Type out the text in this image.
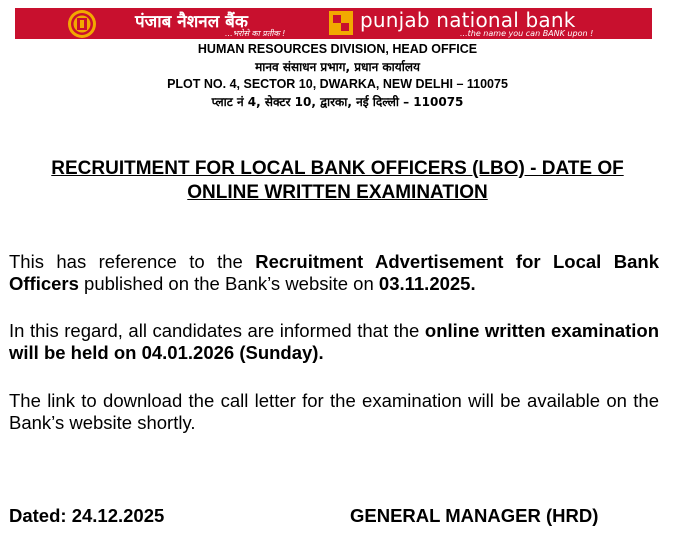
पंजाब नैशनल बैंक
...भरोसे का प्रतीक !
punjab national bank
...the name you can BANK upon !
HUMAN RESOURCES DIVISION, HEAD OFFICE
मानव संसाधन प्रभाग, प्रधान कार्यालय
PLOT NO. 4, SECTOR 10, DWARKA, NEW DELHI – 110075
प्लाट नं 4, सेक्टर 10, द्वारका, नई दिल्ली – 110075
RECRUITMENT FOR LOCAL BANK OFFICERS (LBO) - DATE OF
ONLINE WRITTEN EXAMINATION
This has reference to the Recruitment Advertisement for Local Bank Officers published on the Bank’s website on 03.11.2025.
In this regard, all candidates are informed that the online written examination will be held on 04.01.2026 (Sunday).
The link to download the call letter for the examination will be available on the Bank’s website shortly.
Dated: 24.12.2025	GENERAL MANAGER (HRD)
